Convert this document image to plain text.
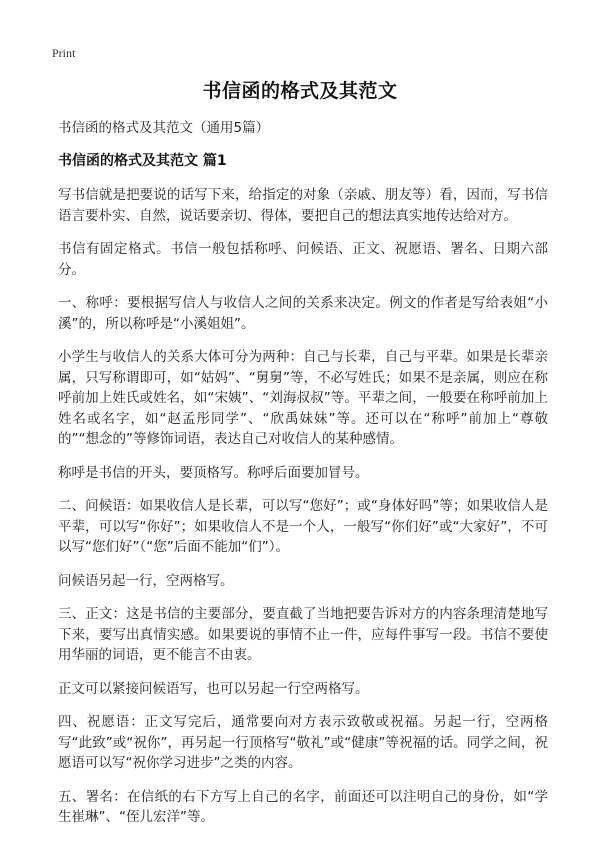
Print
书信函的格式及其范文
书信函的格式及其范文（通用5篇）
书信函的格式及其范文 篇1

写书信就是把要说的话写下来，给指定的对象（亲戚、朋友等）看，因而，写书信语言要朴实、自然，说话要亲切、得体，要把自己的想法真实地传达给对方。

书信有固定格式。书信一般包括称呼、问候语、正文、祝愿语、署名、日期六部分。

一、称呼：要根据写信人与收信人之间的关系来决定。例文的作者是写给表姐“小溪”的，所以称呼是“小溪姐姐”。

小学生与收信人的关系大体可分为两种：自己与长辈，自己与平辈。如果是长辈亲属，只写称谓即可，如“姑妈”、“舅舅”等，不必写姓氏；如果不是亲属，则应在称呼前加上姓氏或姓名，如“宋姨”、“刘海叔叔”等。平辈之间，一般要在称呼前加上姓名或名字，如“赵孟彤同学”、“欣禹妹妹”等。还可以在“称呼”前加上“尊敬的”“想念的”等修饰词语，表达自己对收信人的某种感情。

称呼是书信的开头，要顶格写。称呼后面要加冒号。

二、问候语：如果收信人是长辈，可以写“您好”；或“身体好吗”等；如果收信人是平辈，可以写“你好”；如果收信人不是一个人，一般写“你们好”或“大家好”，不可以写“您们好”（“您”后面不能加“们”）。

问候语另起一行，空两格写。

三、正文：这是书信的主要部分，要直截了当地把要告诉对方的内容条理清楚地写下来，要写出真情实感。如果要说的事情不止一件，应每件事写一段。书信不要使用华丽的词语，更不能言不由衷。

正文可以紧接问候语写，也可以另起一行空两格写。

四、祝愿语：正文写完后，通常要向对方表示致敬或祝福。另起一行，空两格写“此致”或“祝你”，再另起一行顶格写“敬礼”或“健康”等祝福的话。同学之间，祝愿语可以写“祝你学习进步”之类的内容。

五、署名：在信纸的右下方写上自己的名字，前面还可以注明自己的身份，如“学生崔琳”、“侄儿宏洋”等。
